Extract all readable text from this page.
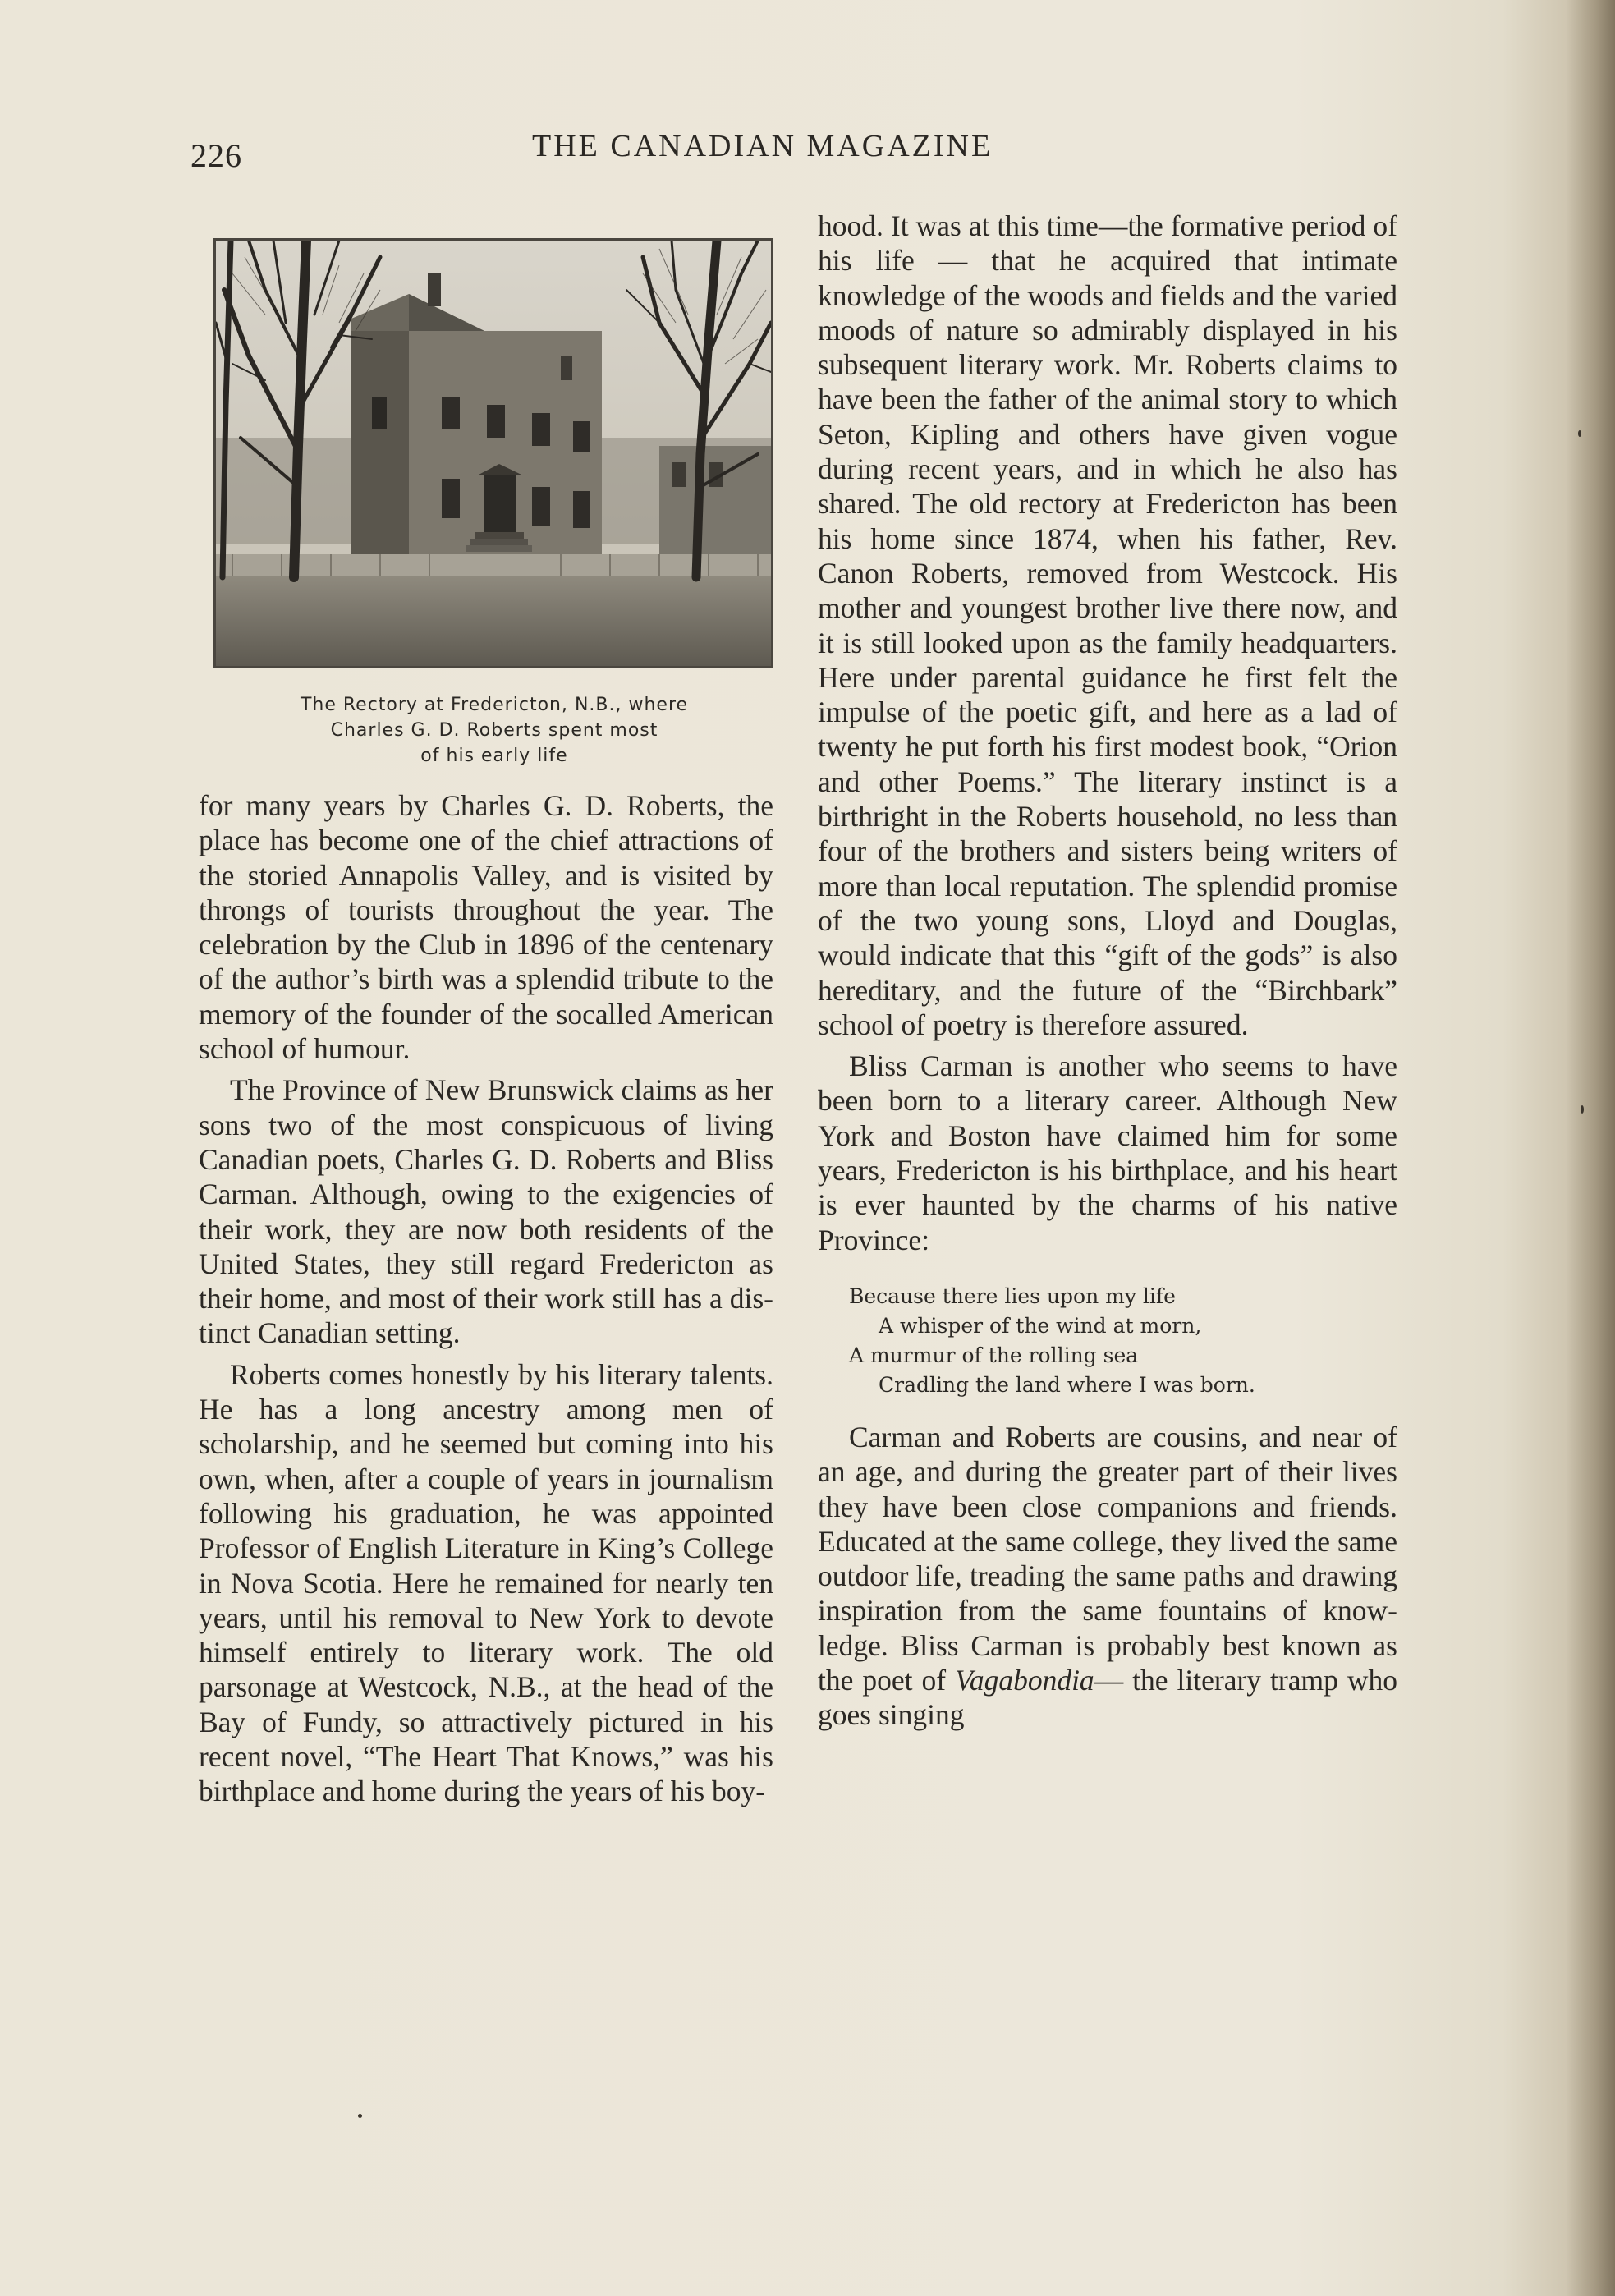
226	THE CANADIAN MAGAZINE
The Rectory at Fredericton, N.B., where
Charles G. D. Roberts spent most
of his early life

for many years by Charles G. D. Roberts, the place has become one of the chief attractions of the storied Annapolis Valley, and is visited by throngs of tourists throughout the year. The celebration by the Club in 1896 of the centenary of the author’s birth was a splendid tribute to the memory of the founder of the socalled American school of humour.

The Province of New Brunswick claims as her sons two of the most conspicuous of living Canadian poets, Charles G. D. Roberts and Bliss Carman. Although, owing to the exigencies of their work, they are now both residents of the United States, they still regard Fredericton as their home, and most of their work still has a distinct Canadian setting.

Roberts comes honestly by his literary talents. He has a long ancestry among men of scholarship, and he seemed but coming into his own, when, after a couple of years in journalism following his graduation, he was appointed Professor of English Literature in King’s College in Nova Scotia. Here he remained for nearly ten years, until his removal to New York to devote himself entirely to literary work. The old parsonage at Westcock, N.B., at the head of the Bay of Fundy, so attractively pictured in his recent novel, “The Heart That Knows,” was his birthplace and home during the years of his boy-

hood. It was at this time—the formative period of his life — that he acquired that intimate knowledge of the woods and fields and the varied moods of nature so admirably displayed in his subsequent literary work. Mr. Roberts claims to have been the father of the animal story to which Seton, Kipling and others have given vogue during recent years, and in which he also has shared. The old rectory at Fredericton has been his home since 1874, when his father, Rev. Canon Roberts, removed from Westcock. His mother and youngest brother live there now, and it is still looked upon as the family headquarters. Here under parental guidance he first felt the impulse of the poetic gift, and here as a lad of twenty he put forth his first modest book, “Orion and other Poems.” The literary instinct is a birthright in the Roberts household, no less than four of the brothers and sisters being writers of more than local reputation. The splendid promise of the two young sons, Lloyd and Douglas, would indicate that this “gift of the gods” is also hereditary, and the future of the “Birchbark” school of poetry is therefore assured.

Bliss Carman is another who seems to have been born to a literary career. Although New York and Boston have claimed him for some years, Fredericton is his birthplace, and his heart is ever haunted by the charms of his native Province:

Because there lies upon my life
A whisper of the wind at morn,
A murmur of the rolling sea
Cradling the land where I was born.

Carman and Roberts are cousins, and near of an age, and during the greater part of their lives they have been close companions and friends. Educated at the same college, they lived the same outdoor life, treading the same paths and drawing inspiration from the same fountains of knowledge. Bliss Carman is probably best known as the poet of Vagabondia— the literary tramp who goes singing
